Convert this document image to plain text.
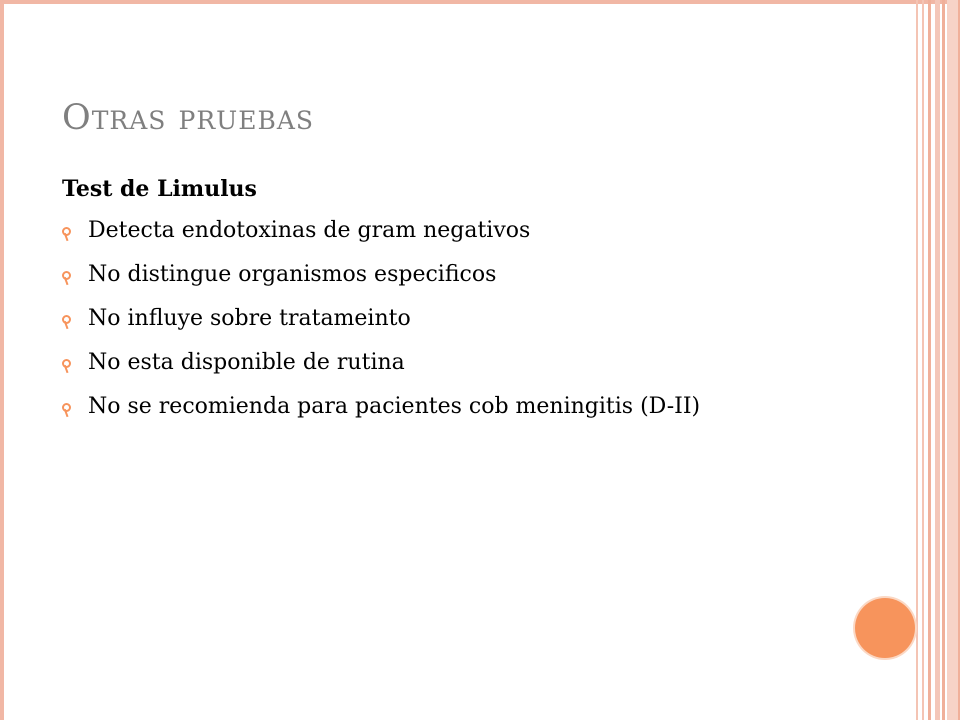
Otras pruebas
Test de Limulus
Detecta endotoxinas de gram negativos
No distingue organismos especificos
No influye sobre tratameinto
No esta disponible de rutina
No se recomienda para pacientes cob meningitis (D-II)
